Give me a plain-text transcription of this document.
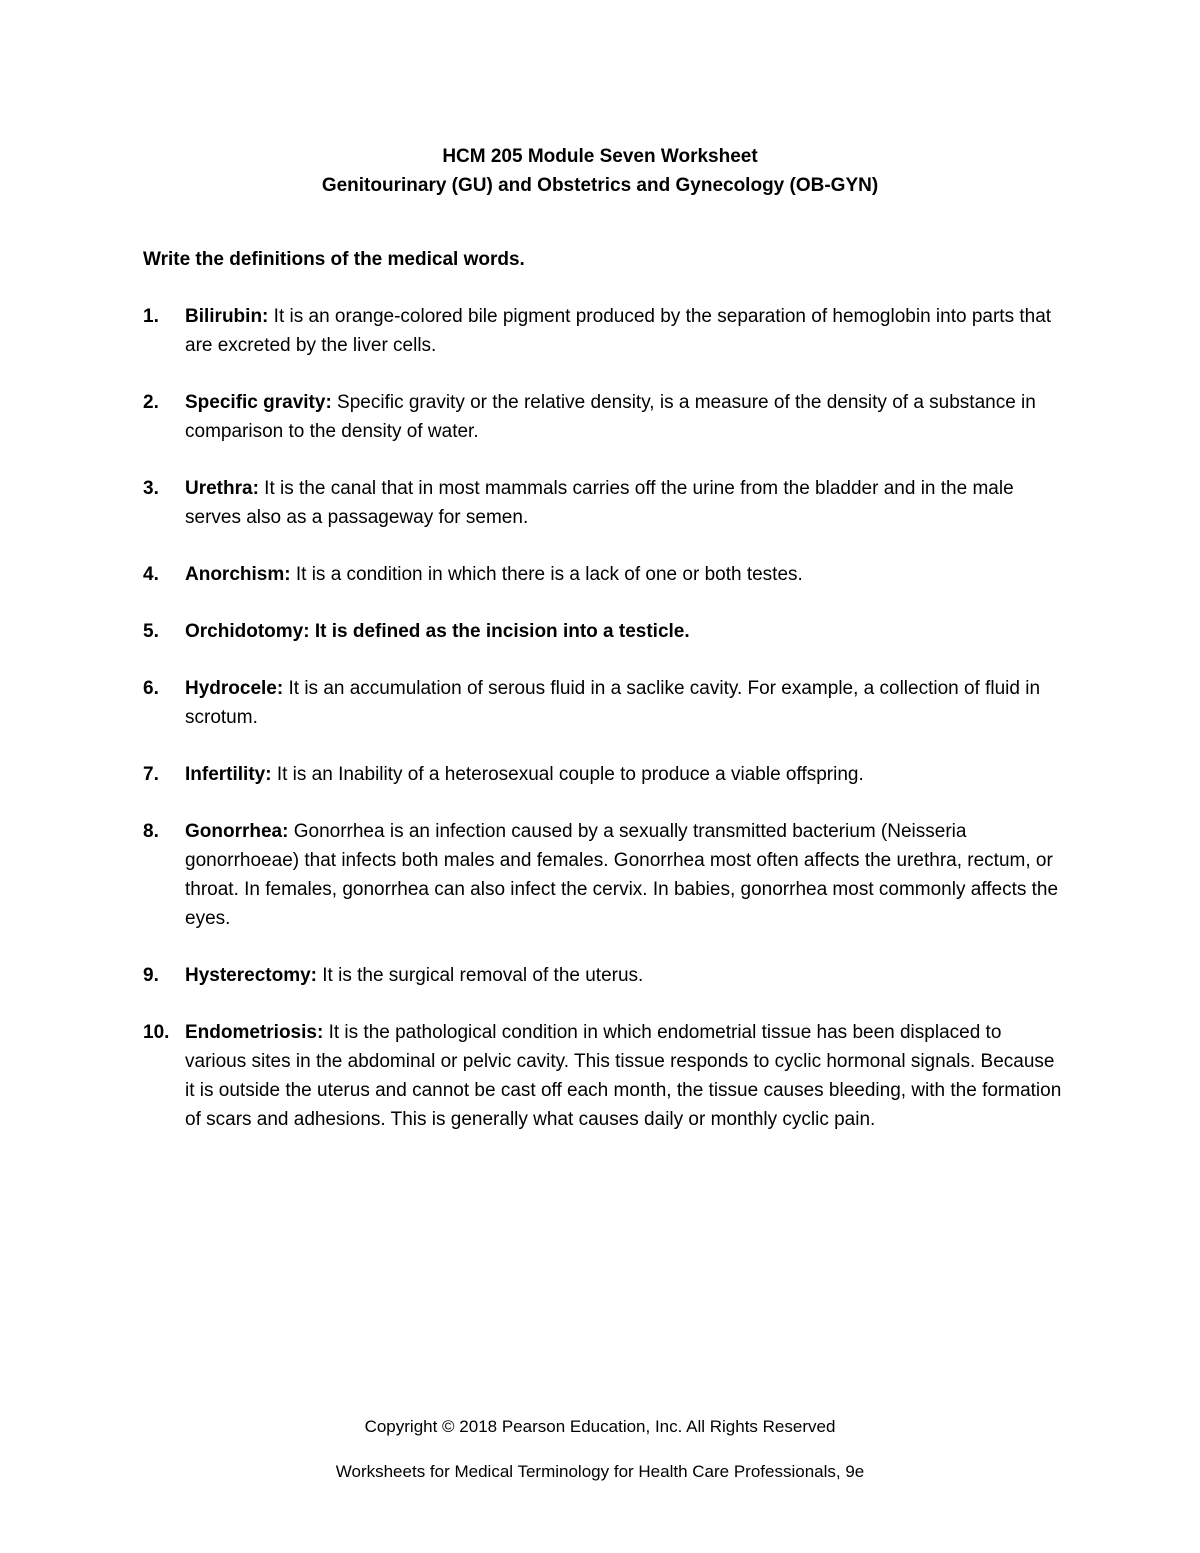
HCM 205 Module Seven Worksheet
Genitourinary (GU) and Obstetrics and Gynecology (OB-GYN)
Write the definitions of the medical words.
1.	Bilirubin: It is an orange-colored bile pigment produced by the separation of hemoglobin into parts that are excreted by the liver cells.
2.	Specific gravity: Specific gravity or the relative density, is a measure of the density of a substance in comparison to the density of water.
3.	Urethra: It is the canal that in most mammals carries off the urine from the bladder and in the male serves also as a passageway for semen.
4.	Anorchism: It is a condition in which there is a lack of one or both testes.
5.	Orchidotomy: It is defined as the incision into a testicle.
6.	Hydrocele: It is an accumulation of serous fluid in a saclike cavity. For example, a collection of fluid in scrotum.
7.	Infertility: It is an Inability of a heterosexual couple to produce a viable offspring.
8.	Gonorrhea: Gonorrhea is an infection caused by a sexually transmitted bacterium (Neisseria gonorrhoeae) that infects both males and females. Gonorrhea most often affects the urethra, rectum, or throat. In females, gonorrhea can also infect the cervix. In babies, gonorrhea most commonly affects the eyes.
9.	Hysterectomy: It is the surgical removal of the uterus.
10. Endometriosis: It is the pathological condition in which endometrial tissue has been displaced to various sites in the abdominal or pelvic cavity. This tissue responds to cyclic hormonal signals. Because it is outside the uterus and cannot be cast off each month, the tissue causes bleeding, with the formation of scars and adhesions. This is generally what causes daily or monthly cyclic pain.
Copyright © 2018 Pearson Education, Inc. All Rights Reserved
Worksheets for Medical Terminology for Health Care Professionals, 9e
